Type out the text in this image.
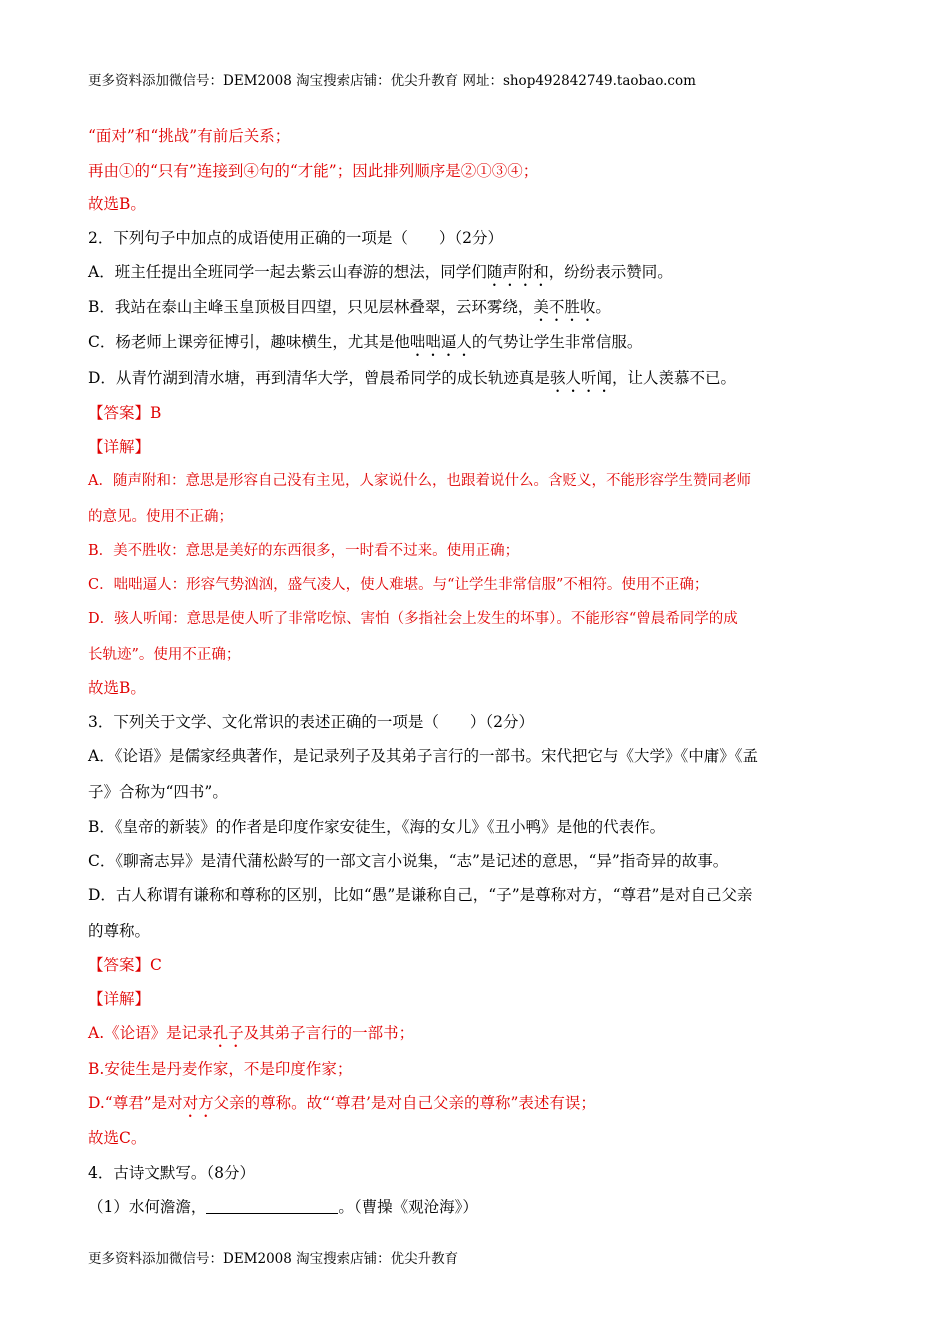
更多资料添加微信号：DEM2008 淘宝搜索店铺：优尖升教育 网址：shop492842749.taobao.com
“面对”和“挑战”有前后关系；
再由①的“只有”连接到④句的“才能”；因此排列顺序是②①③④；
故选B。
2．下列句子中加点的成语使用正确的一项是（　　）（2分）
A．班主任提出全班同学一起去紫云山春游的想法，同学们随声附和，纷纷表示赞同。
B．我站在泰山主峰玉皇顶极目四望，只见层林叠翠，云环雾绕，美不胜收。
C．杨老师上课旁征博引，趣味横生，尤其是他咄咄逼人的气势让学生非常信服。
D．从青竹湖到清水塘，再到清华大学，曾晨希同学的成长轨迹真是骇人听闻，让人羡慕不已。
【答案】B
【详解】
A．随声附和：意思是形容自己没有主见，人家说什么，也跟着说什么。含贬义，不能形容学生赞同老师
的意见。使用不正确；
B．美不胜收：意思是美好的东西很多，一时看不过来。使用正确；
C．咄咄逼人：形容气势汹汹，盛气凌人，使人难堪。与“让学生非常信服”不相符。使用不正确；
D．骇人听闻：意思是使人听了非常吃惊、害怕（多指社会上发生的坏事）。不能形容“曾晨希同学的成
长轨迹”。使用不正确；
故选B。
3．下列关于文学、文化常识的表述正确的一项是（　　）（2分）
A．《论语》是儒家经典著作，是记录列子及其弟子言行的一部书。宋代把它与《大学》《中庸》《孟
子》合称为“四书”。
B．《皇帝的新装》的作者是印度作家安徒生，《海的女儿》《丑小鸭》是他的代表作。
C．《聊斋志异》是清代蒲松龄写的一部文言小说集，“志”是记述的意思，“异”指奇异的故事。
D．古人称谓有谦称和尊称的区别，比如“愚”是谦称自己，“子”是尊称对方，“尊君”是对自己父亲
的尊称。
【答案】C
【详解】
A.《论语》是记录孔子及其弟子言行的一部书；
B.安徒生是丹麦作家，不是印度作家；
D.“尊君”是对对方父亲的尊称。故“‘尊君’是对自己父亲的尊称”表述有误；
故选C。
4．古诗文默写。（8分）
（1）水何澹澹，	。（曹操《观沧海》）
更多资料添加微信号：DEM2008 淘宝搜索店铺：优尖升教育
